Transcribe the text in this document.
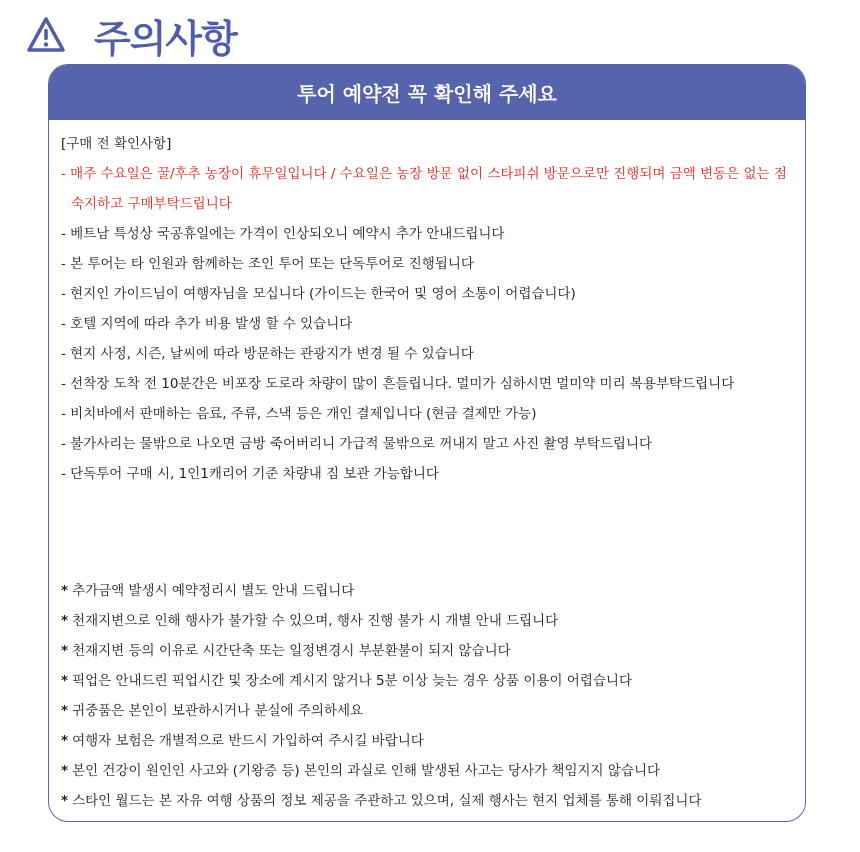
주의사항
투어 예약전 꼭 확인해 주세요
[구매 전 확인사항]
- 매주 수요일은 꿀/후추 농장이 휴무일입니다 / 수요일은 농장 방문 없이 스타피쉬 방문으로만 진행되며 금액 변동은 없는 점
숙지하고 구매부탁드립니다
- 베트남 특성상 국공휴일에는 가격이 인상되오니 예약시 추가 안내드립니다
- 본 투어는 타 인원과 함께하는 조인 투어 또는 단독투어로 진행됩니다
- 현지인 가이드님이 여행자님을 모십니다 (가이드는 한국어 및 영어 소통이 어렵습니다)
- 호텔 지역에 따라 추가 비용 발생 할 수 있습니다
- 현지 사정, 시즌, 날씨에 따라 방문하는 관광지가 변경 될 수 있습니다
- 선착장 도착 전 10분간은 비포장 도로라 차량이 많이 흔들립니다. 멀미가 심하시면 멀미약 미리 복용부탁드립니다
- 비치바에서 판매하는 음료, 주류, 스낵 등은 개인 결제입니다 (현금 결제만 가능)
- 불가사리는 물밖으로 나오면 금방 죽어버리니 가급적 물밖으로 꺼내지 말고 사진 촬영 부탁드립니다
- 단독투어 구매 시, 1인1캐리어 기준 차량내 짐 보관 가능합니다
* 추가금액 발생시 예약정리시 별도 안내 드립니다
* 천재지변으로 인해 행사가 불가할 수 있으며, 행사 진행 불가 시 개별 안내 드립니다
* 천재지변 등의 이유로 시간단축 또는 일정변경시 부분환불이 되지 않습니다
* 픽업은 안내드린 픽업시간 및 장소에 계시지 않거나 5분 이상 늦는 경우 상품 이용이 어렵습니다
* 귀중품은 본인이 보관하시거나 분실에 주의하세요
* 여행자 보험은 개별적으로 반드시 가입하여 주시길 바랍니다
* 본인 건강이 원인인 사고와 (기왕증 등) 본인의 과실로 인해 발생된 사고는 당사가 책임지지 않습니다
* 스타인 월드는 본 자유 여행 상품의 정보 제공을 주관하고 있으며, 실제 행사는 현지 업체를 통해 이뤄집니다
